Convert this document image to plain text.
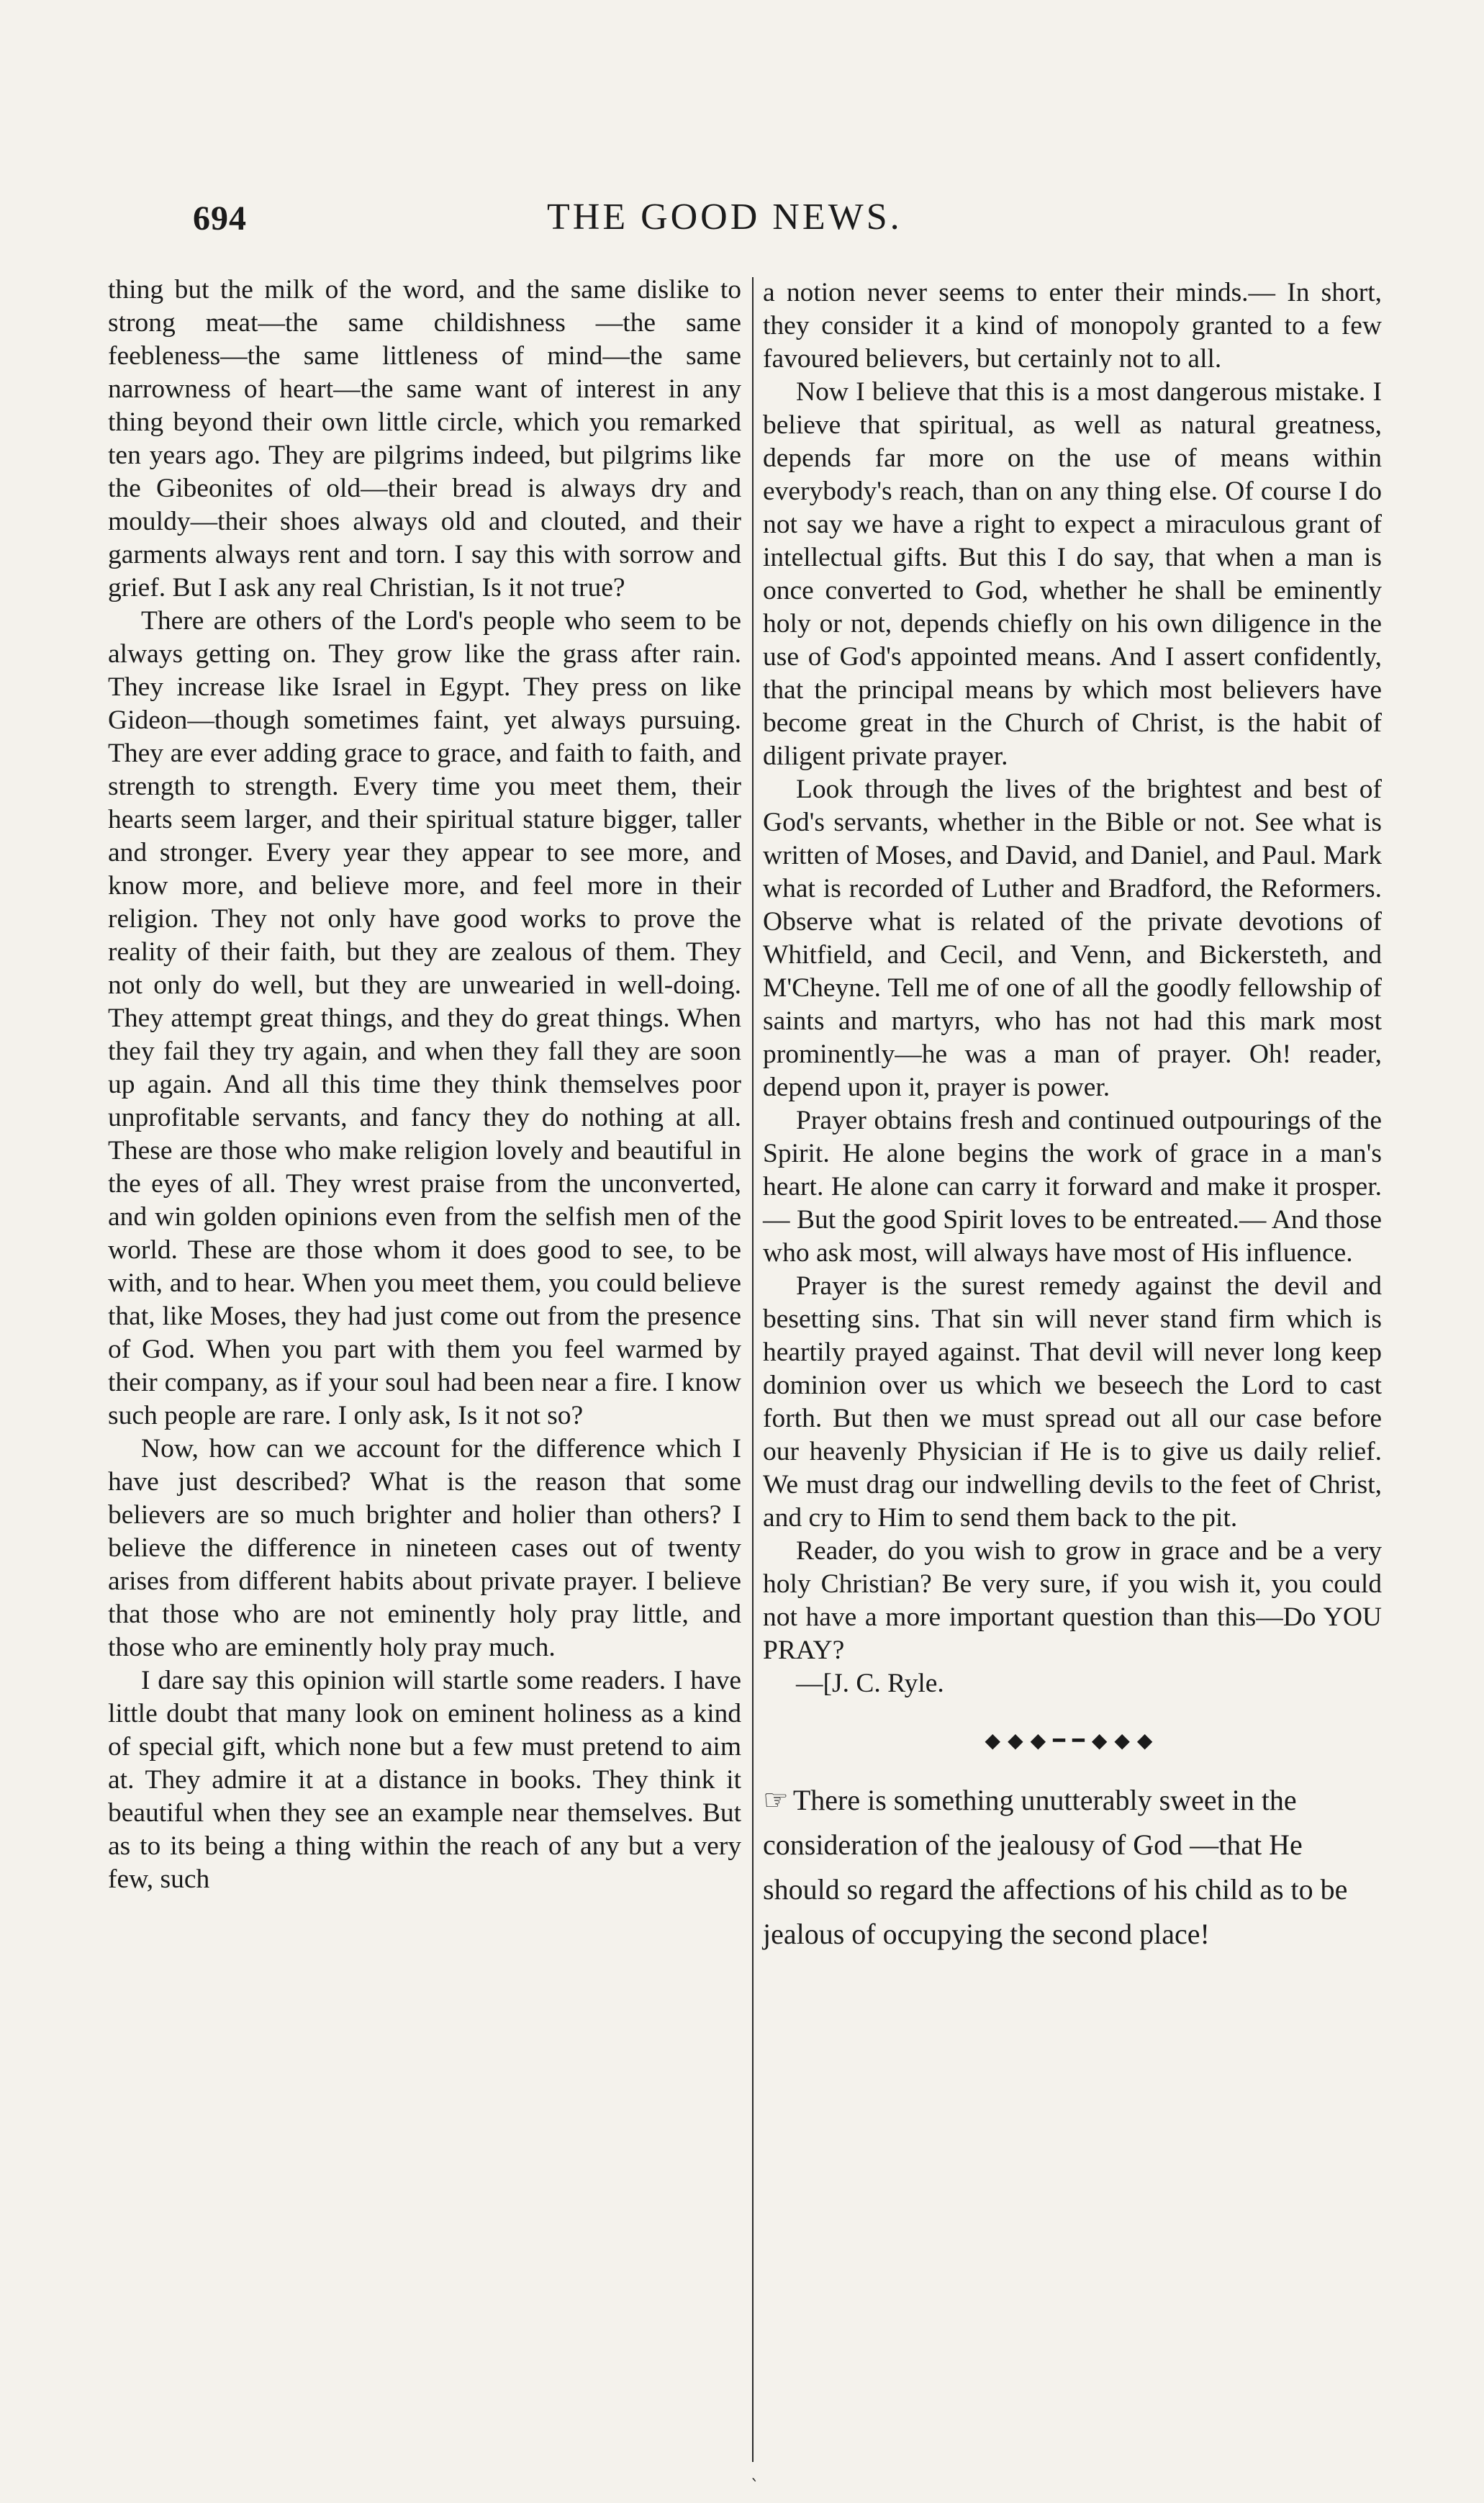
694	THE GOOD NEWS.

thing but the milk of the word, and the same dislike to strong meat—the same childishness —the same feebleness—the same littleness of mind—the same narrowness of heart—the same want of interest in any thing beyond their own little circle, which you remarked ten years ago. They are pilgrims indeed, but pilgrims like the Gibeonites of old—their bread is always dry and mouldy—their shoes always old and clouted, and their garments always rent and torn. I say this with sorrow and grief. But I ask any real Christian, Is it not true?

There are others of the Lord's people who seem to be always getting on. They grow like the grass after rain. They increase like Israel in Egypt. They press on like Gideon—though sometimes faint, yet always pursuing. They are ever adding grace to grace, and faith to faith, and strength to strength. Every time you meet them, their hearts seem larger, and their spiritual stature bigger, taller and stronger. Every year they appear to see more, and know more, and believe more, and feel more in their religion. They not only have good works to prove the reality of their faith, but they are zealous of them. They not only do well, but they are unwearied in well-doing. They attempt great things, and they do great things. When they fail they try again, and when they fall they are soon up again. And all this time they think themselves poor unprofitable servants, and fancy they do nothing at all. These are those who make religion lovely and beautiful in the eyes of all. They wrest praise from the unconverted, and win golden opinions even from the selfish men of the world. These are those whom it does good to see, to be with, and to hear. When you meet them, you could believe that, like Moses, they had just come out from the presence of God. When you part with them you feel warmed by their company, as if your soul had been near a fire. I know such people are rare. I only ask, Is it not so?

Now, how can we account for the difference which I have just described? What is the reason that some believers are so much brighter and holier than others? I believe the difference in nineteen cases out of twenty arises from different habits about private prayer. I believe that those who are not eminently holy pray little, and those who are eminently holy pray much.

I dare say this opinion will startle some readers. I have little doubt that many look on eminent holiness as a kind of special gift, which none but a few must pretend to aim at. They admire it at a distance in books. They think it beautiful when they see an example near themselves. But as to its being a thing within the reach of any but a very few, such

a notion never seems to enter their minds.— In short, they consider it a kind of monopoly granted to a few favoured believers, but certainly not to all.

Now I believe that this is a most dangerous mistake. I believe that spiritual, as well as natural greatness, depends far more on the use of means within everybody's reach, than on any thing else. Of course I do not say we have a right to expect a miraculous grant of intellectual gifts. But this I do say, that when a man is once converted to God, whether he shall be eminently holy or not, depends chiefly on his own diligence in the use of God's appointed means. And I assert confidently, that the principal means by which most believers have become great in the Church of Christ, is the habit of diligent private prayer.

Look through the lives of the brightest and best of God's servants, whether in the Bible or not. See what is written of Moses, and David, and Daniel, and Paul. Mark what is recorded of Luther and Bradford, the Reformers. Observe what is related of the private devotions of Whitfield, and Cecil, and Venn, and Bickersteth, and M'Cheyne. Tell me of one of all the goodly fellowship of saints and martyrs, who has not had this mark most prominently—he was a man of prayer. Oh! reader, depend upon it, prayer is power.

Prayer obtains fresh and continued outpourings of the Spirit. He alone begins the work of grace in a man's heart. He alone can carry it forward and make it prosper.— But the good Spirit loves to be entreated.— And those who ask most, will always have most of His influence.

Prayer is the surest remedy against the devil and besetting sins. That sin will never stand firm which is heartily prayed against. That devil will never long keep dominion over us which we beseech the Lord to cast forth. But then we must spread out all our case before our heavenly Physician if He is to give us daily relief. We must drag our indwelling devils to the feet of Christ, and cry to Him to send them back to the pit.

Reader, do you wish to grow in grace and be a very holy Christian? Be very sure, if you wish it, you could not have a more important question than this—Do YOU PRAY?

—[J. C. Ryle.

◆◆◆━━◆◆◆

☞ There is something unutterably sweet in the consideration of the jealousy of God —that He should so regard the affections of his child as to be jealous of occupying the second place!

ˋ
